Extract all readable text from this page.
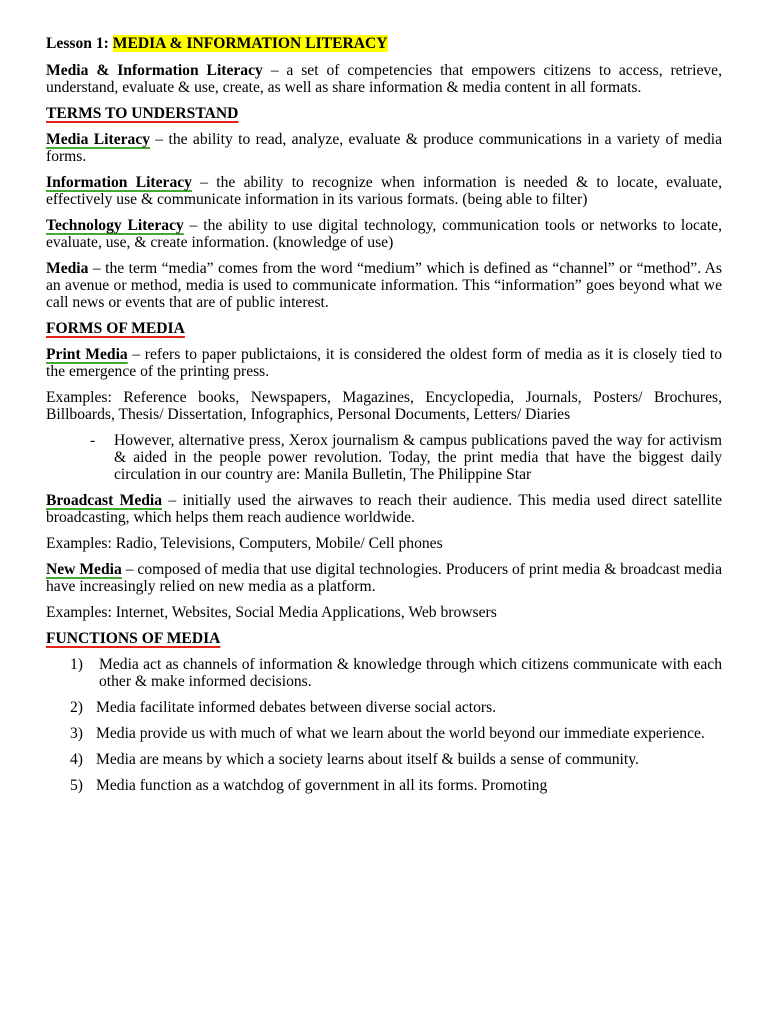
Lesson 1: MEDIA & INFORMATION LITERACY

Media & Information Literacy – a set of competencies that empowers citizens to access, retrieve, understand, evaluate & use, create, as well as share information & media content in all formats.

TERMS TO UNDERSTAND

Media Literacy – the ability to read, analyze, evaluate & produce communications in a variety of media forms.

Information Literacy – the ability to recognize when information is needed & to locate, evaluate, effectively use & communicate information in its various formats. (being able to filter)

Technology Literacy – the ability to use digital technology, communication tools or networks to locate, evaluate, use, & create information. (knowledge of use)

Media – the term “media” comes from the word “medium” which is defined as “channel” or “method”. As an avenue or method, media is used to communicate information. This “information” goes beyond what we call news or events that are of public interest.

FORMS OF MEDIA

Print Media – refers to paper publictaions, it is considered the oldest form of media as it is closely tied to the emergence of the printing press.

Examples: Reference books, Newspapers, Magazines, Encyclopedia, Journals, Posters/ Brochures, Billboards, Thesis/ Dissertation, Infographics, Personal Documents, Letters/ Diaries

- However, alternative press, Xerox journalism & campus publications paved the way for activism & aided in the people power revolution. Today, the print media that have the biggest daily circulation in our country are: Manila Bulletin, The Philippine Star

Broadcast Media – initially used the airwaves to reach their audience. This media used direct satellite broadcasting, which helps them reach audience worldwide.

Examples: Radio, Televisions, Computers, Mobile/ Cell phones

New Media – composed of media that use digital technologies. Producers of print media & broadcast media have increasingly relied on new media as a platform.

Examples: Internet, Websites, Social Media Applications, Web browsers

FUNCTIONS OF MEDIA

1) Media act as channels of information & knowledge through which citizens communicate with each other & make informed decisions.
2) Media facilitate informed debates between diverse social actors.
3) Media provide us with much of what we learn about the world beyond our immediate experience.
4) Media are means by which a society learns about itself & builds a sense of community.
5) Media function as a watchdog of government in all its forms. Promoting
